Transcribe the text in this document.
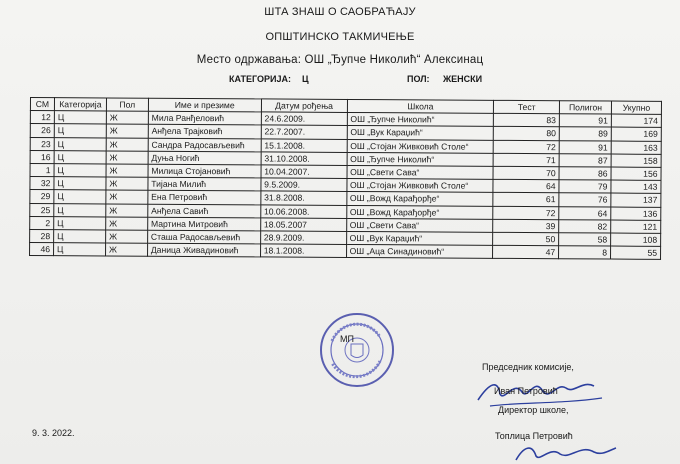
ШТА ЗНАШ О САОБРАЋАЈУ
ОПШТИНСКО ТАКМИЧЕЊЕ
Место одржавања: ОШ „Ђупче Николић“ Алексинац
КАТЕГОРИЈА: Ц	ПОЛ: ЖЕНСКИ
СМ	Категорија	Пол	Име и презиме	Датум рођења	Школа	Тест	Полигон	Укупно
12	Ц	Ж	Мила Ранђеловић	24.6.2009.	ОШ „Ђупче Николић“	83	91	174
26	Ц	Ж	Анђела Трајковић	22.7.2007.	ОШ „Вук Караџић“	80	89	169
23	Ц	Ж	Сандра Радосављевић	15.1.2008.	ОШ „Стојан Живковић Столе“	72	91	163
16	Ц	Ж	Дуња Ногић	31.10.2008.	ОШ „Ђупче Николић“	71	87	158
1	Ц	Ж	Милица Стојановић	10.04.2007.	ОШ „Свети Сава“	70	86	156
32	Ц	Ж	Тијана Милић	9.5.2009.	ОШ „Стојан Живковић Столе“	64	79	143
29	Ц	Ж	Ена Петровић	31.8.2008.	ОШ „Вожд Карађорђе“	61	76	137
25	Ц	Ж	Анђела Савић	10.06.2008.	ОШ „Вожд Карађорђе“	72	64	136
2	Ц	Ж	Мартина Митровић	18.05.2007	ОШ „Свети Сава“	39	82	121
28	Ц	Ж	Сташа Радосављевић	28.9.2009.	ОШ „Вук Караџић“	50	58	108
46	Ц	Ж	Даница Живадиновић	18.1.2008.	ОШ „Аца Синадиновић“	47	8	55
МП
Председник комисије,
Иван Петровић
Директор школе,
Топлица Петровић
9. 3. 2022.
